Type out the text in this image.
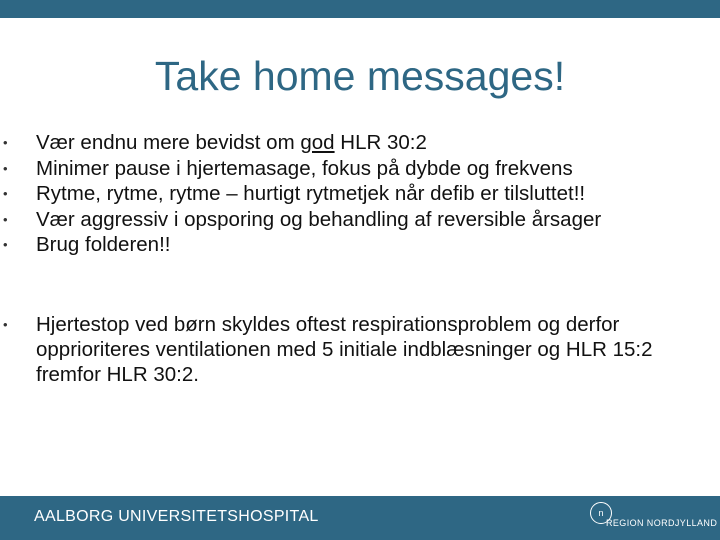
Take home messages!
• Vær endnu mere bevidst om god HLR 30:2
• Minimer pause i hjertemasage, fokus på dybde og frekvens
• Rytme, rytme, rytme – hurtigt rytmetjek når defib er tilsluttet!!
• Vær aggressiv i opsporing og behandling af reversible årsager
• Brug folderen!!
• Hjertestop ved børn skyldes oftest respirationsproblem og derfor opprioriteres ventilationen med 5 initiale indblæsninger og HLR 15:2 fremfor HLR 30:2.
AALBORG UNIVERSITETSHOSPITAL	n
REGION NORDJYLLAND
